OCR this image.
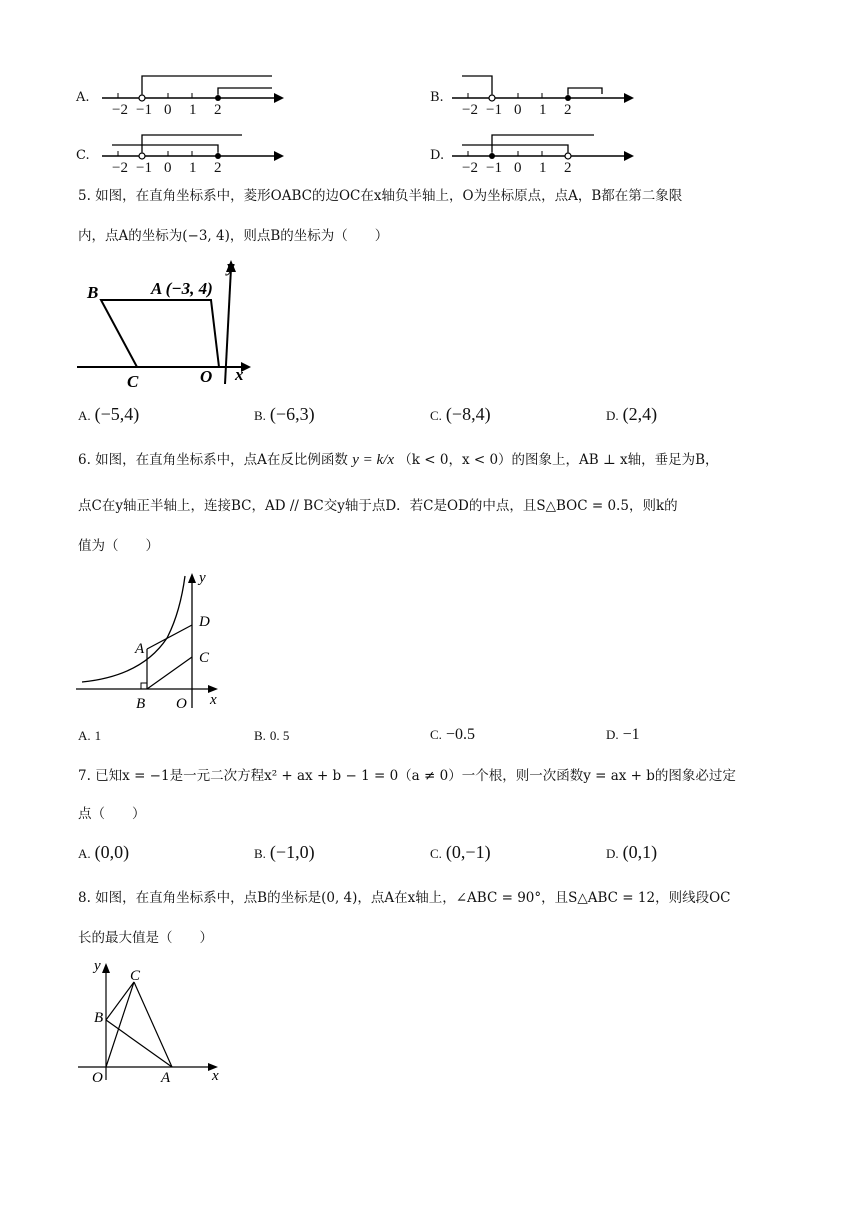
A.
−2 −1 0 1 2
B.
−2 −1 0 1 2
C.
−2 −1 0 1 2
D.
−2 −1 0 1 2
5. 如图，在直角坐标系中，菱形OABC的边OC在x轴负半轴上，O为坐标原点，点A，B都在第二象限
内，点A的坐标为(−3, 4)，则点B的坐标为（　　）
B	A (−3, 4)
C	O x
y
A. (−5,4)	B. (−6,3)	C. (−8,4)	D. (2,4)
6. 如图，在直角坐标系中，点A在反比例函数 y = k/x （k < 0，x < 0）的图象上，AB ⊥ x轴，垂足为B，
点C在y轴正半轴上，连接BC，AD // BC交y轴于点D．若C是OD的中点，且S△BOC = 0.5，则k的
值为（　　）
A
B
D
C
O x
y
A. 1	B. 0. 5	C. −0.5	D. −1
7. 已知x = −1是一元二次方程x² + ax + b − 1 = 0（a ≠ 0）一个根，则一次函数y = ax + b的图象必过定
点（　　）
A. (0,0)	B. (−1,0)	C. (0,−1)	D. (0,1)
8. 如图，在直角坐标系中，点B的坐标是(0, 4)，点A在x轴上，∠ABC = 90°，且S△ABC = 12，则线段OC
长的最大值是（　　）
C
B
O	A	x
y
